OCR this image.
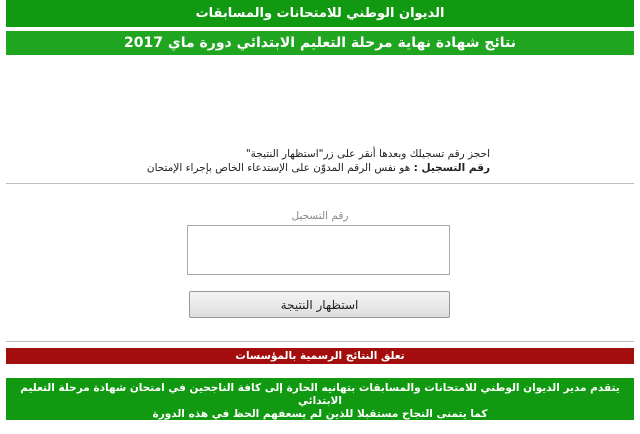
الديوان الوطني للامتحانات والمسابقات
نتائج شهادة نهاية مرحلة التعليم الابتدائي دورة ماي 2017
احجز رقم تسجيلك وبعدها أنقر على زر"استظهار النتيجة"
رقم التسجيل : هو نفس الرقم المدوّن على الإستدعاء الخاص بإجراء الإمتحان
رقم التسجيل
استظهار النتيجة
تعلق النتائج الرسمية بالمؤسسات
يتقدم مدير الديوان الوطني للامتحانات والمسابقات بتهانيه الحارة إلى كافة الناجحين في امتحان شهادة مرحلة التعليم الابتدائي
كما يتمنى النجاح مستقبلا للذين لم يسعفهم الحظ في هذه الدورة
الديوان الوطني للامتحانات والمسابقات
